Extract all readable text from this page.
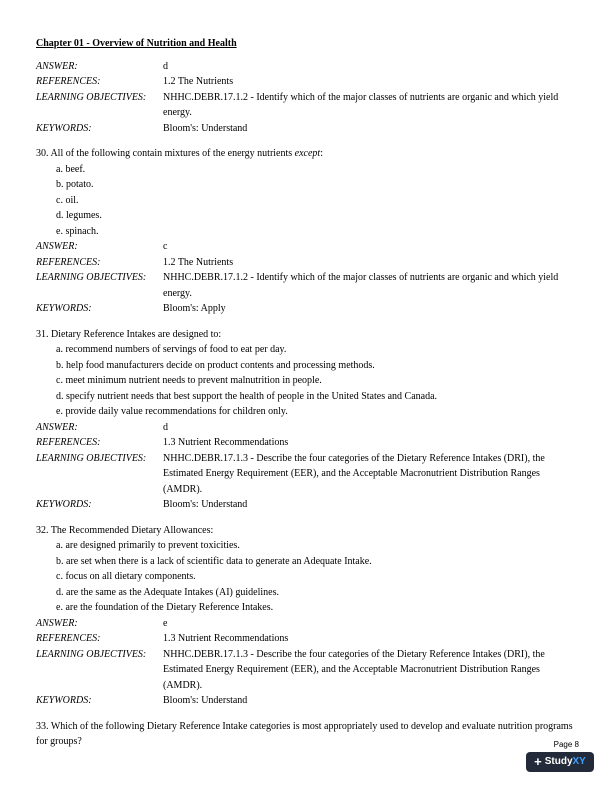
Chapter 01 - Overview of Nutrition and Health
ANSWER:	d
REFERENCES:	1.2 The Nutrients
LEARNING OBJECTIVES:	NHHC.DEBR.17.1.2 - Identify which of the major classes of nutrients are organic and which yield energy.
KEYWORDS:	Bloom's: Understand
30. All of the following contain mixtures of the energy nutrients except:
a. beef.
b. potato.
c. oil.
d. legumes.
e. spinach.
ANSWER:	c
REFERENCES:	1.2 The Nutrients
LEARNING OBJECTIVES:	NHHC.DEBR.17.1.2 - Identify which of the major classes of nutrients are organic and which yield energy.
KEYWORDS:	Bloom's: Apply
31. Dietary Reference Intakes are designed to:
a. recommend numbers of servings of food to eat per day.
b. help food manufacturers decide on product contents and processing methods.
c. meet minimum nutrient needs to prevent malnutrition in people.
d. specify nutrient needs that best support the health of people in the United States and Canada.
e. provide daily value recommendations for children only.
ANSWER:	d
REFERENCES:	1.3 Nutrient Recommendations
LEARNING OBJECTIVES:	NHHC.DEBR.17.1.3 - Describe the four categories of the Dietary Reference Intakes (DRI), the Estimated Energy Requirement (EER), and the Acceptable Macronutrient Distribution Ranges (AMDR).
KEYWORDS:	Bloom's: Understand
32. The Recommended Dietary Allowances:
a. are designed primarily to prevent toxicities.
b. are set when there is a lack of scientific data to generate an Adequate Intake.
c. focus on all dietary components.
d. are the same as the Adequate Intakes (AI) guidelines.
e. are the foundation of the Dietary Reference Intakes.
ANSWER:	e
REFERENCES:	1.3 Nutrient Recommendations
LEARNING OBJECTIVES:	NHHC.DEBR.17.1.3 - Describe the four categories of the Dietary Reference Intakes (DRI), the Estimated Energy Requirement (EER), and the Acceptable Macronutrient Distribution Ranges (AMDR).
KEYWORDS:	Bloom's: Understand
33. Which of the following Dietary Reference Intake categories is most appropriately used to develop and evaluate nutrition programs for groups?	Page 8
+ Study XY
